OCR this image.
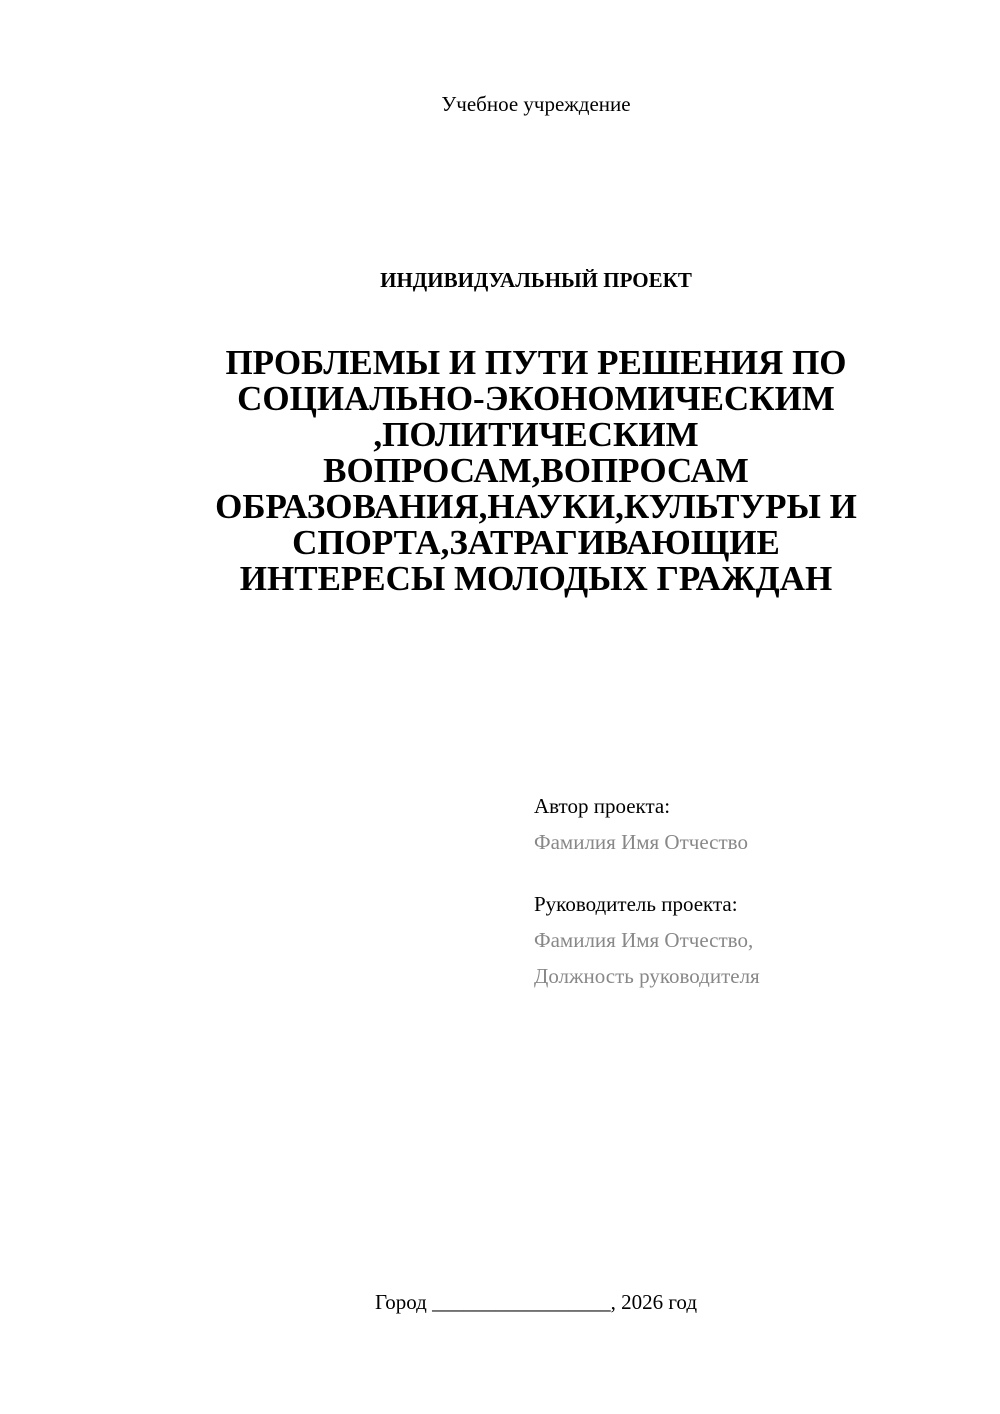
Учебное учреждение
ИНДИВИДУАЛЬНЫЙ ПРОЕКТ
ПРОБЛЕМЫ И ПУТИ РЕШЕНИЯ ПО
СОЦИАЛЬНО-ЭКОНОМИЧЕСКИМ
,ПОЛИТИЧЕСКИМ
ВОПРОСАМ,ВОПРОСАМ
ОБРАЗОВАНИЯ,НАУКИ,КУЛЬТУРЫ И
СПОРТА,ЗАТРАГИВАЮЩИЕ
ИНТЕРЕСЫ МОЛОДЫХ ГРАЖДАН
Автор проекта:
Фамилия Имя Отчество
Руководитель проекта:
Фамилия Имя Отчество,
Должность руководителя
Город _________________, 2026 год
